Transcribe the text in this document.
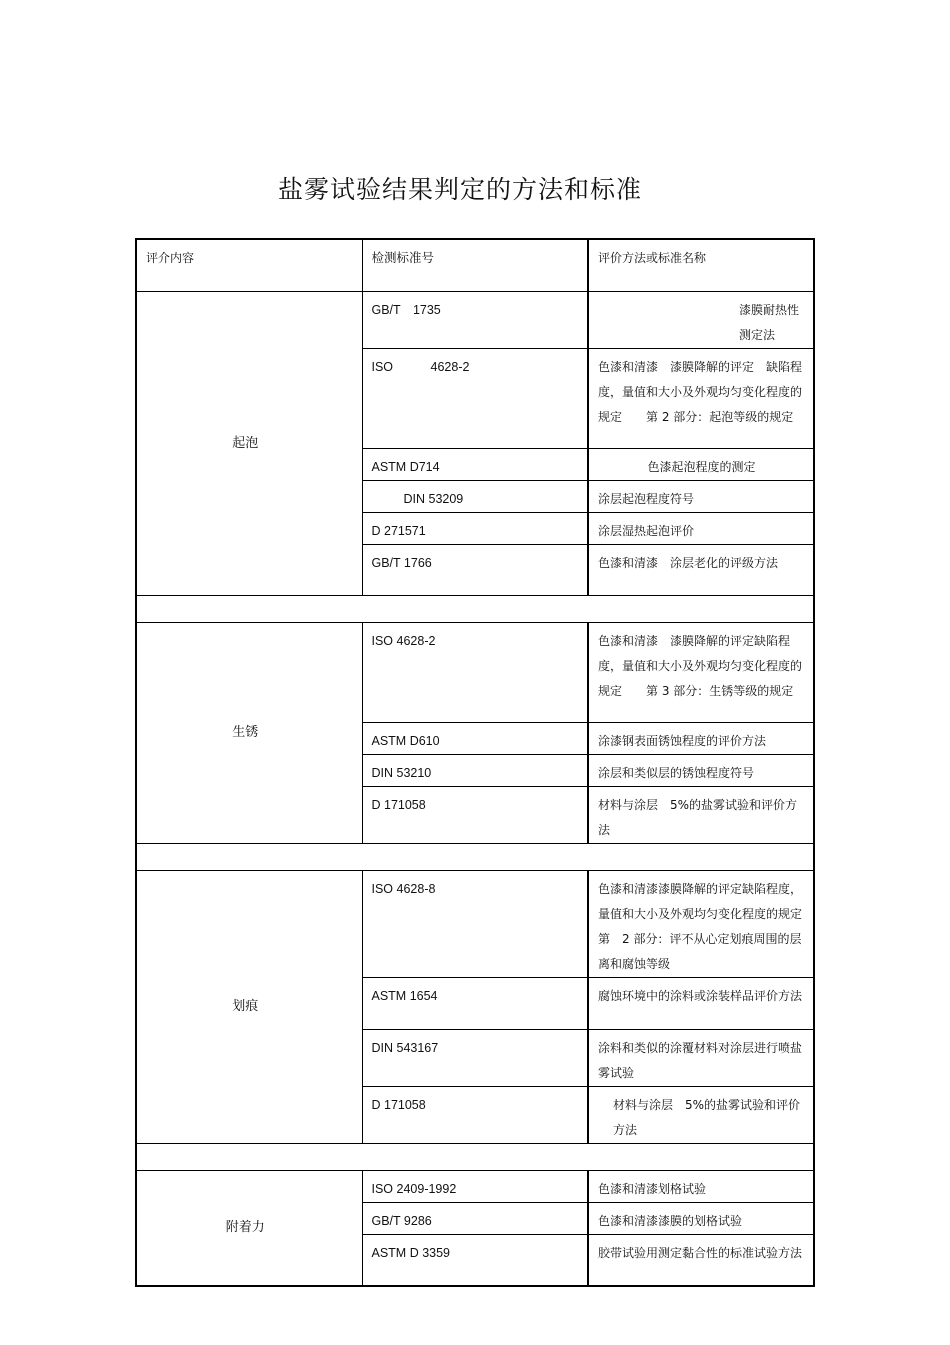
盐雾试验结果判定的方法和标准
评介内容	检测标准号	评价方法或标准名称
起泡	GB/T　1735	漆膜耐热性测定法
	ISO　　　4628-2	色漆和清漆　漆膜降解的评定　缺陷程度，量值和大小及外观均匀变化程度的规定　　第 2 部分：起泡等级的规定
	ASTM D714	色漆起泡程度的测定
	DIN 53209	涂层起泡程度符号
	D 271571	涂层湿热起泡评价
	GB/T 1766	色漆和清漆　涂层老化的评级方法

生锈	ISO 4628-2	色漆和清漆　漆膜降解的评定缺陷程度，量值和大小及外观均匀变化程度的规定　　第 3 部分：生锈等级的规定
	ASTM D610	涂漆钢表面锈蚀程度的评价方法
	DIN 53210	涂层和类似层的锈蚀程度符号
	D 171058	材料与涂层　5%的盐雾试验和评价方法

划痕	ISO 4628-8	色漆和清漆漆膜降解的评定缺陷程度，量值和大小及外观均匀变化程度的规定第　2 部分：评不从心定划痕周围的层离和腐蚀等级
	ASTM 1654	腐蚀环境中的涂料或涂装样品评价方法
	DIN 543167	涂料和类似的涂覆材料对涂层进行喷盐雾试验
	D 171058	材料与涂层　5%的盐雾试验和评价方法

附着力	ISO 2409-1992	色漆和清漆划格试验
	GB/T 9286	色漆和清漆漆膜的划格试验
	ASTM D 3359	胶带试验用测定黏合性的标准试验方法
